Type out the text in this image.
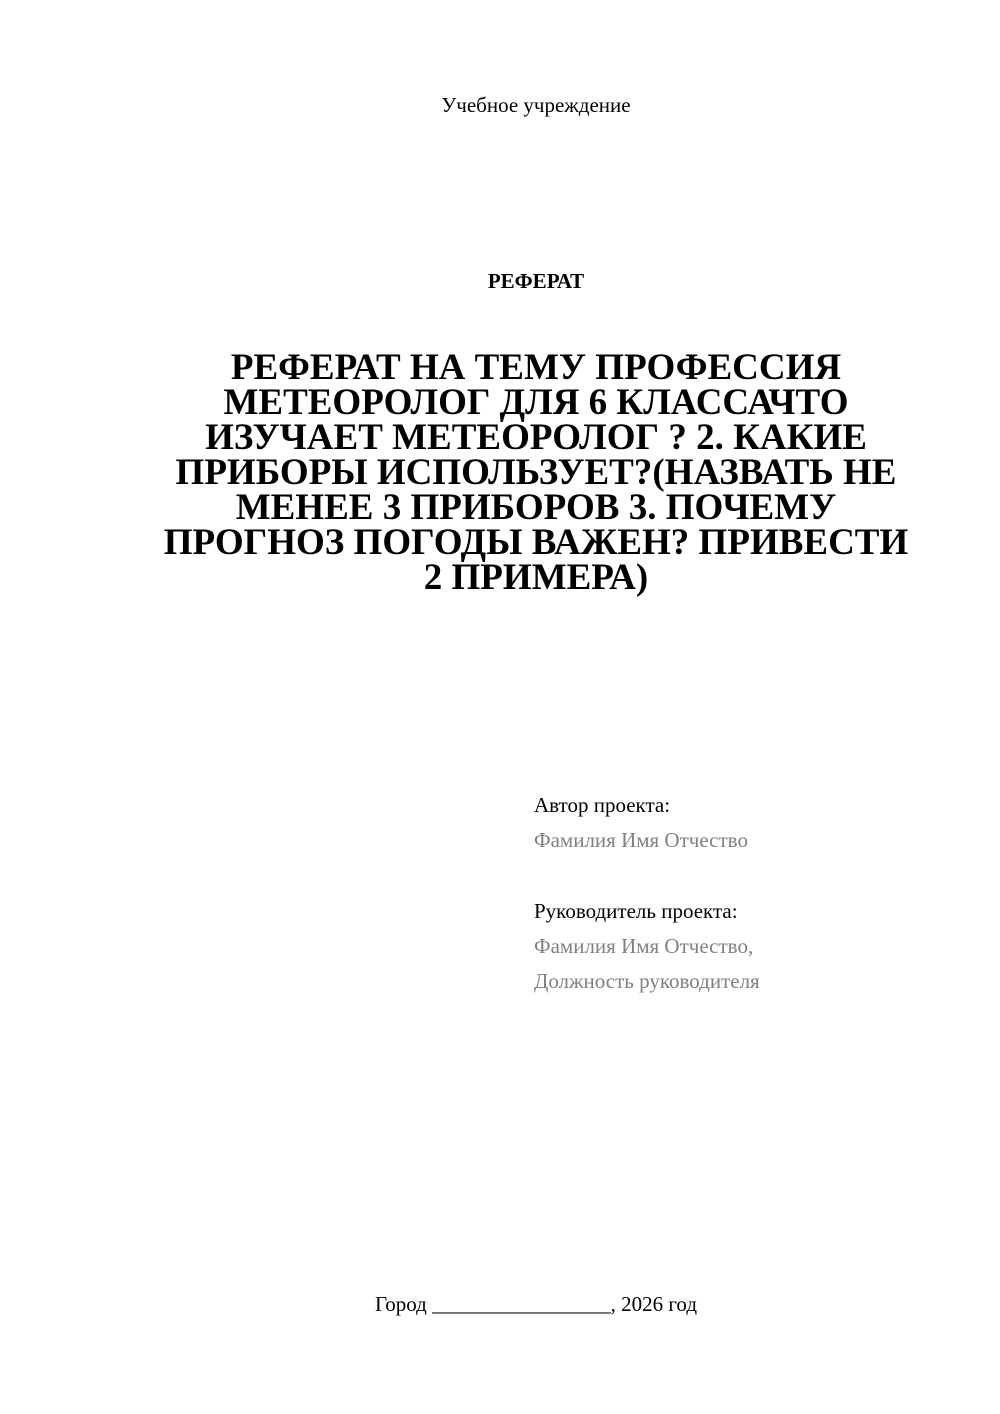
Учебное учреждение
РЕФЕРАТ
РЕФЕРАТ НА ТЕМУ ПРОФЕССИЯ МЕТЕОРОЛОГ ДЛЯ 6 КЛАССАЧТО ИЗУЧАЕТ МЕТЕОРОЛОГ ? 2. КАКИЕ ПРИБОРЫ ИСПОЛЬЗУЕТ?(НАЗВАТЬ НЕ МЕНЕЕ 3 ПРИБОРОВ 3. ПОЧЕМУ ПРОГНОЗ ПОГОДЫ ВАЖЕН? ПРИВЕСТИ 2 ПРИМЕРА)
Автор проекта:
Фамилия Имя Отчество
Руководитель проекта:
Фамилия Имя Отчество,
Должность руководителя
Город _________________, 2026 год
